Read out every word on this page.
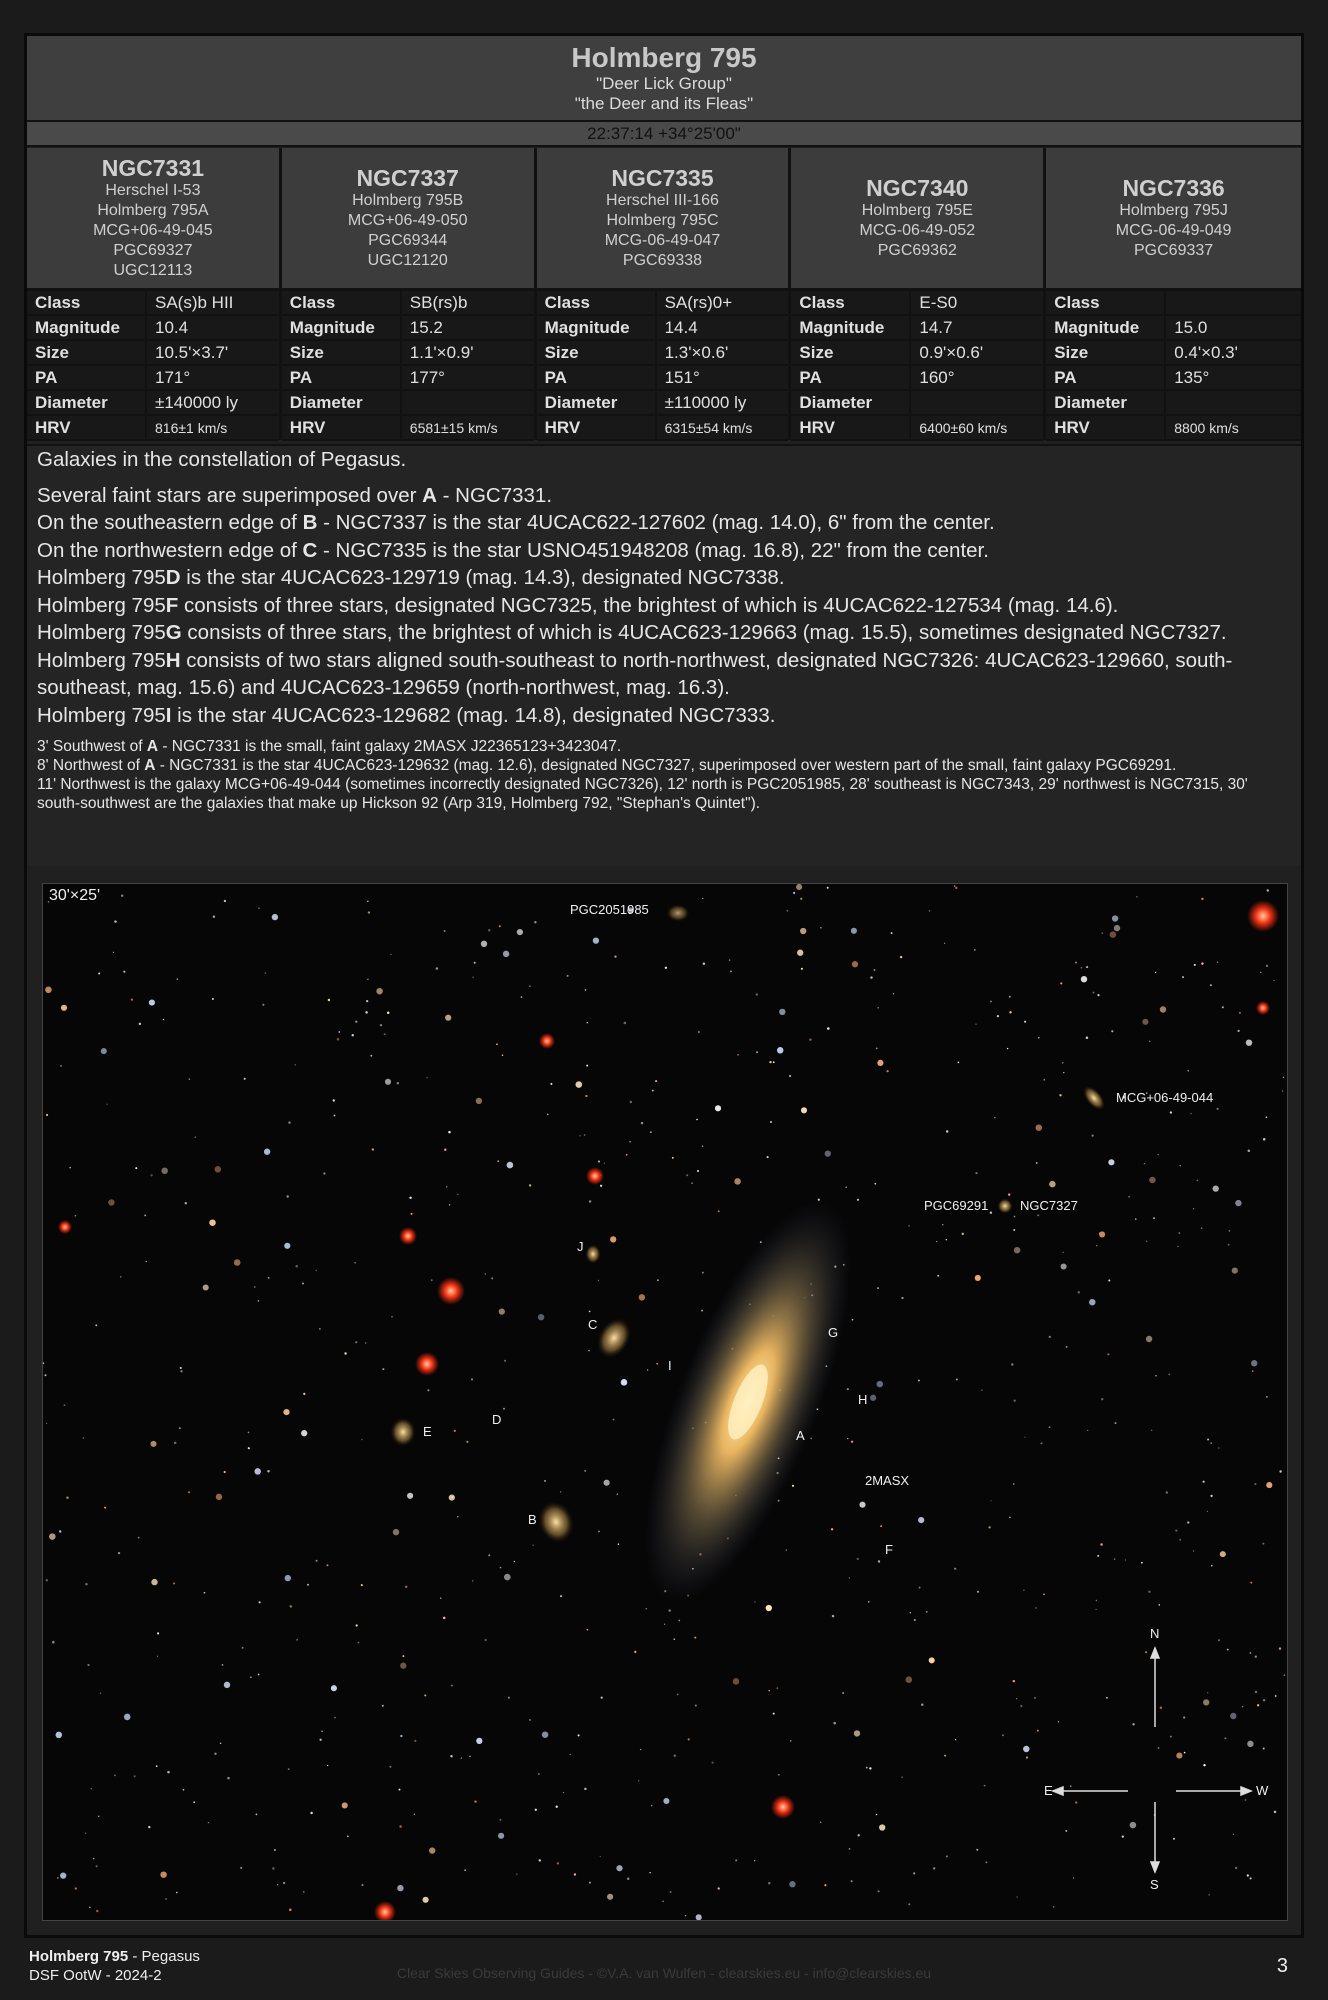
Holmberg 795
"Deer Lick Group"
"the Deer and its Fleas"
22:37:14 +34°25'00"
NGC7331
Herschel I-53
Holmberg 795A
MCG+06-49-045
PGC69327
UGC12113
Class	SA(s)b HII
Magnitude	10.4
Size	10.5'×3.7'
PA	171°
Diameter	±140000 ly
HRV	816±1 km/s
NGC7337
Holmberg 795B
MCG+06-49-050
PGC69344
UGC12120
Class	SB(rs)b
Magnitude	15.2
Size	1.1'×0.9'
PA	177°
Diameter	
HRV	6581±15 km/s
NGC7335
Herschel III-166
Holmberg 795C
MCG-06-49-047
PGC69338
Class	SA(rs)0+
Magnitude	14.4
Size	1.3'×0.6'
PA	151°
Diameter	±110000 ly
HRV	6315±54 km/s
NGC7340
Holmberg 795E
MCG-06-49-052
PGC69362
Class	E-S0
Magnitude	14.7
Size	0.9'×0.6'
PA	160°
Diameter	
HRV	6400±60 km/s
NGC7336
Holmberg 795J
MCG-06-49-049
PGC69337
Class	
Magnitude	15.0
Size	0.4'×0.3'
PA	135°
Diameter	
HRV	8800 km/s

Galaxies in the constellation of Pegasus.

Several faint stars are superimposed over A - NGC7331.

On the southeastern edge of B - NGC7337 is the star 4UCAC622-127602 (mag. 14.0), 6" from the center.

On the northwestern edge of C - NGC7335 is the star USNO451948208 (mag. 16.8), 22" from the center.

Holmberg 795D is the star 4UCAC623-129719 (mag. 14.3), designated NGC7338.

Holmberg 795F consists of three stars, designated NGC7325, the brightest of which is 4UCAC622-127534 (mag. 14.6).

Holmberg 795G consists of three stars, the brightest of which is 4UCAC623-129663 (mag. 15.5), sometimes designated NGC7327.

Holmberg 795H consists of two stars aligned south-southeast to north-northwest, designated NGC7326: 4UCAC623-129660, south-southeast, mag. 15.6) and 4UCAC623-129659 (north-northwest, mag. 16.3).

Holmberg 795I is the star 4UCAC623-129682 (mag. 14.8), designated NGC7333.

3' Southwest of A - NGC7331 is the small, faint galaxy 2MASX J22365123+3423047.

8' Northwest of A - NGC7331 is the star 4UCAC623-129632 (mag. 12.6), designated NGC7327, superimposed over western part of the small, faint galaxy PGC69291.

11' Northwest is the galaxy MCG+06-49-044 (sometimes incorrectly designated NGC7326), 12' north is PGC2051985, 28' southeast is NGC7343, 29' northwest is NGC7315, 30' south-southwest are the galaxies that make up Hickson 92 (Arp 319, Holmberg 792, "Stephan's Quintet").

30'×25'
PGC2051985
MCG+06-49-044
PGC69291 NGC7327
J
C
I
G
H
E
D
A
2MASX
B
F
N
E	W
S
Holmberg 795 - Pegasus
DSF OotW - 2024-2	Clear Skies Observing Guides - ©V.A. van Wulfen - clearskies.eu - info@clearskies.eu	3
